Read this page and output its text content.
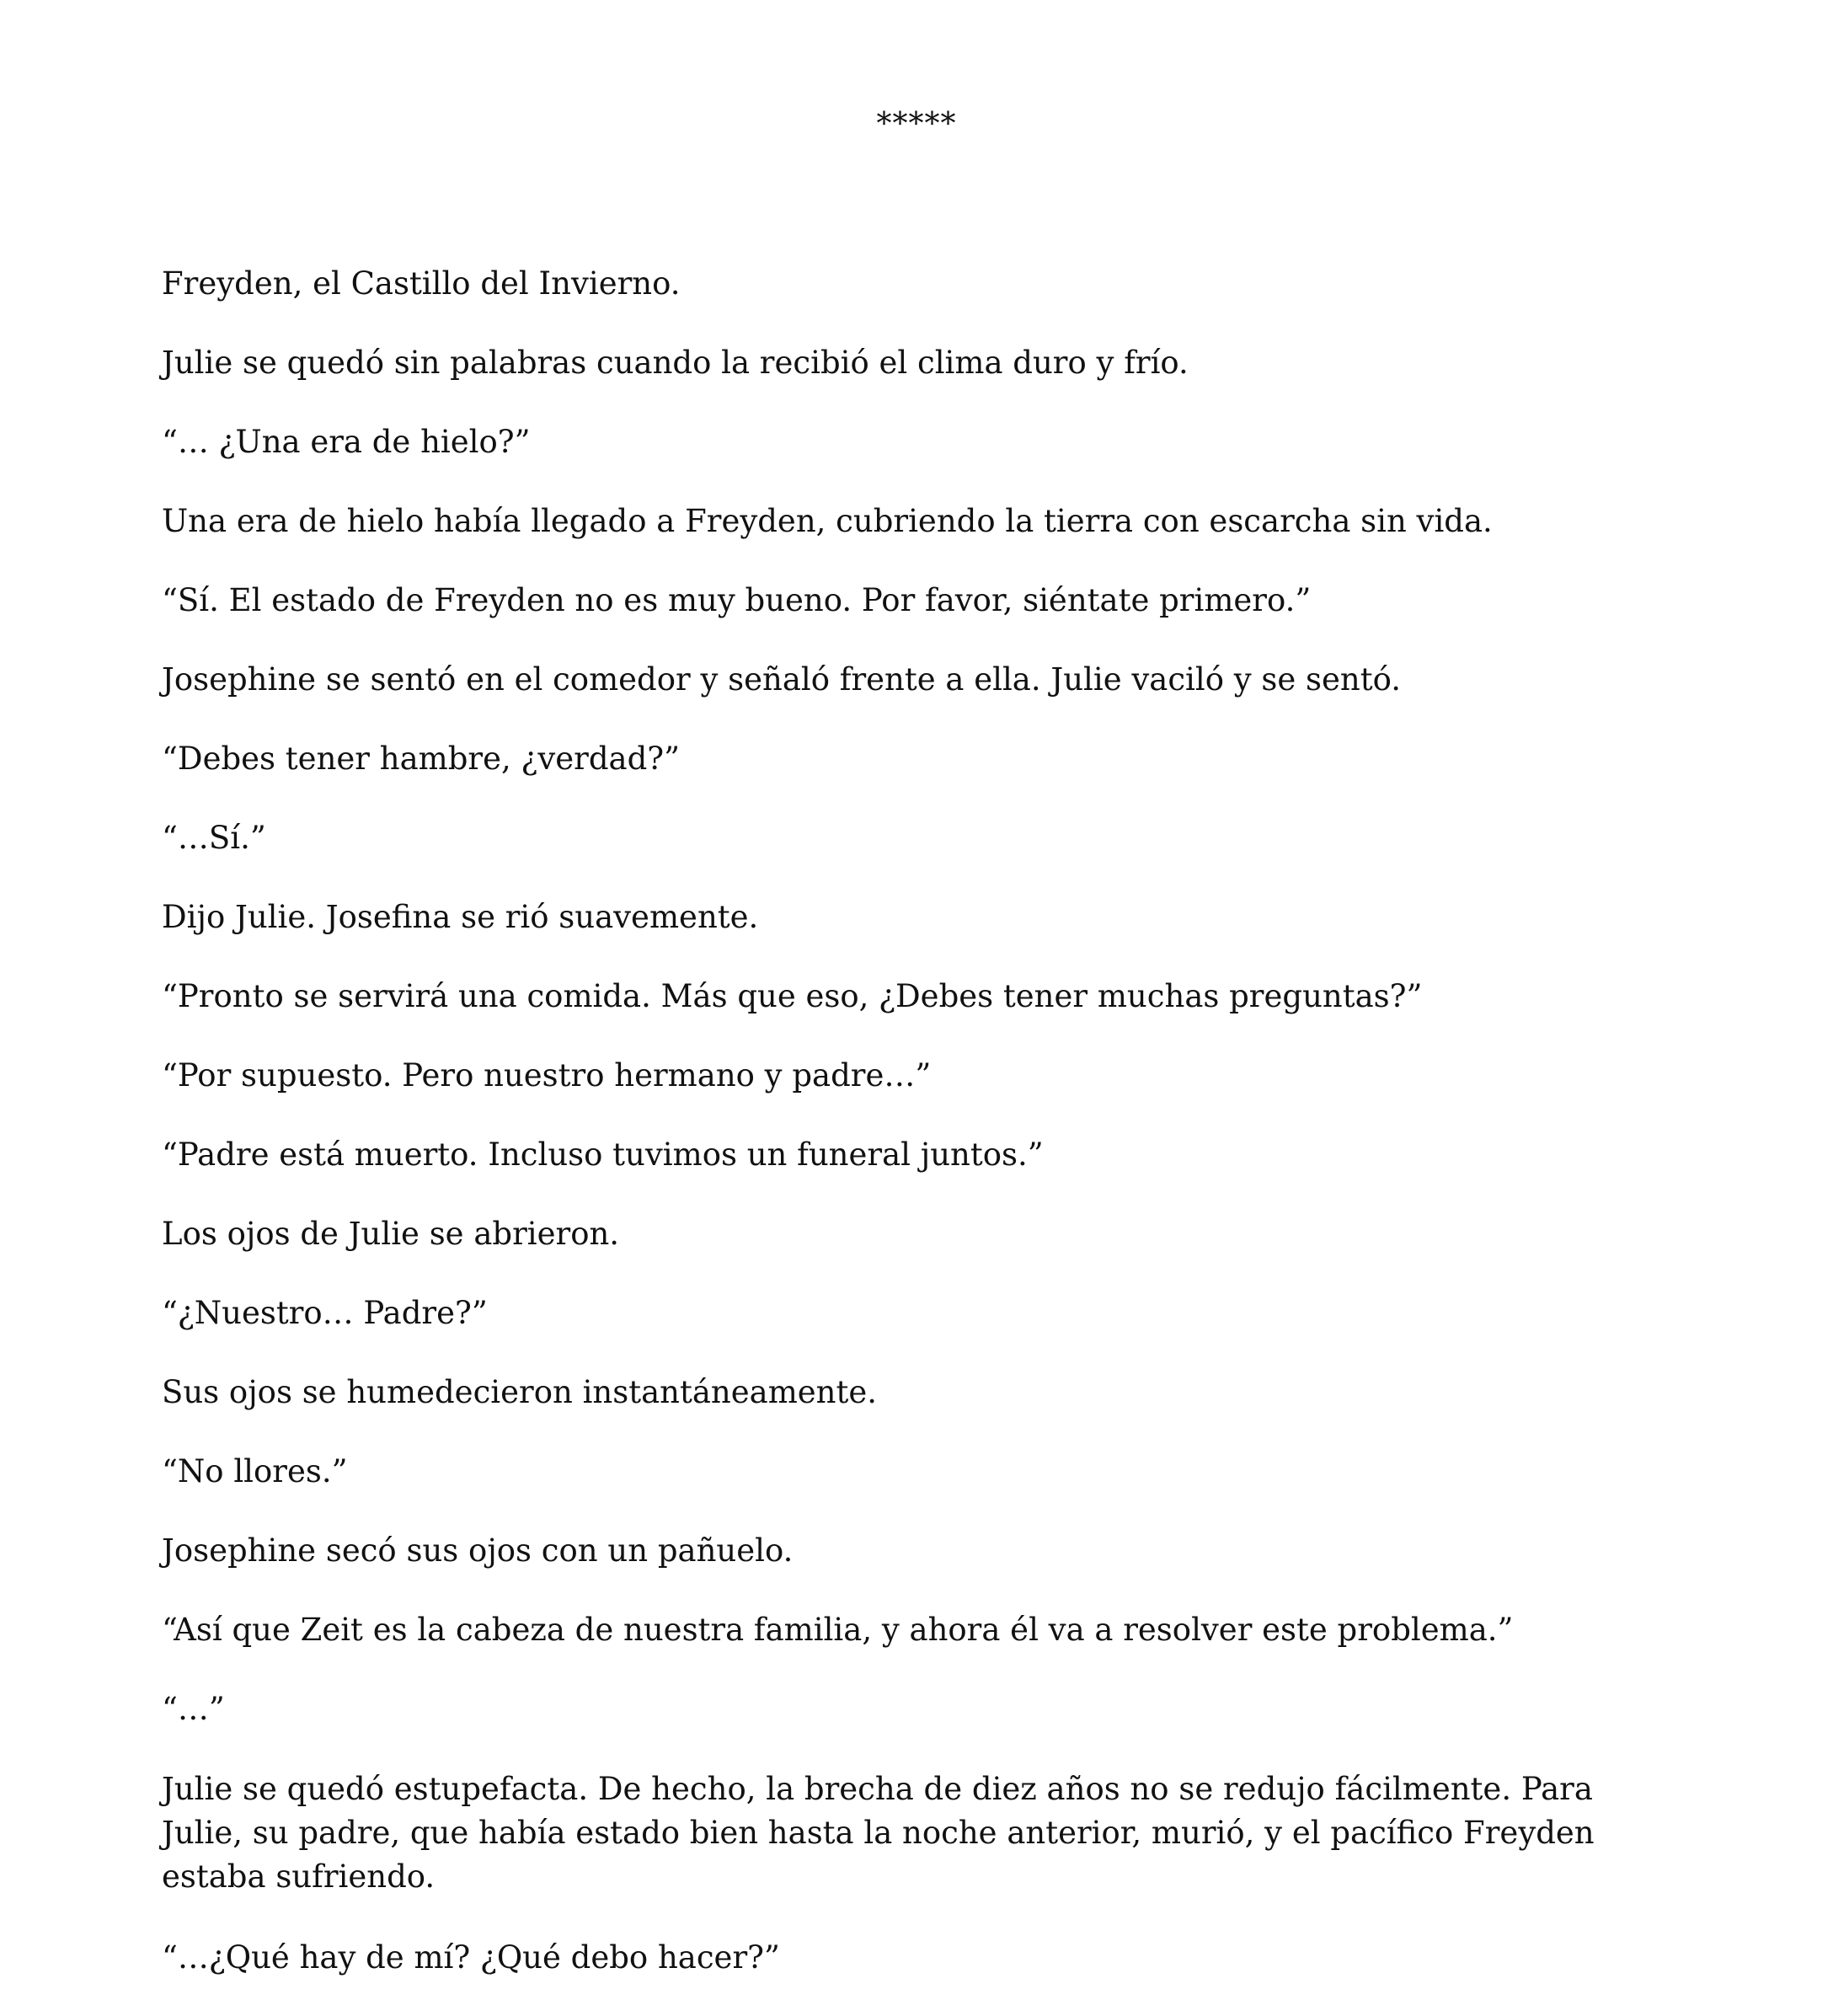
*****

Freyden, el Castillo del Invierno.

Julie se quedó sin palabras cuando la recibió el clima duro y frío.

“… ¿Una era de hielo?”

Una era de hielo había llegado a Freyden, cubriendo la tierra con escarcha sin vida.

“Sí. El estado de Freyden no es muy bueno. Por favor, siéntate primero.”

Josephine se sentó en el comedor y señaló frente a ella. Julie vaciló y se sentó.

“Debes tener hambre, ¿verdad?”

“…Sí.”

Dijo Julie. Josefina se rió suavemente.

“Pronto se servirá una comida. Más que eso, ¿Debes tener muchas preguntas?”

“Por supuesto. Pero nuestro hermano y padre…”

“Padre está muerto. Incluso tuvimos un funeral juntos.”

Los ojos de Julie se abrieron.

“¿Nuestro… Padre?”

Sus ojos se humedecieron instantáneamente.

“No llores.”

Josephine secó sus ojos con un pañuelo.

“Así que Zeit es la cabeza de nuestra familia, y ahora él va a resolver este problema.”

“…”

Julie se quedó estupefacta. De hecho, la brecha de diez años no se redujo fácilmente. Para Julie, su padre, que había estado bien hasta la noche anterior, murió, y el pacífico Freyden estaba sufriendo.

“…¿Qué hay de mí? ¿Qué debo hacer?”
